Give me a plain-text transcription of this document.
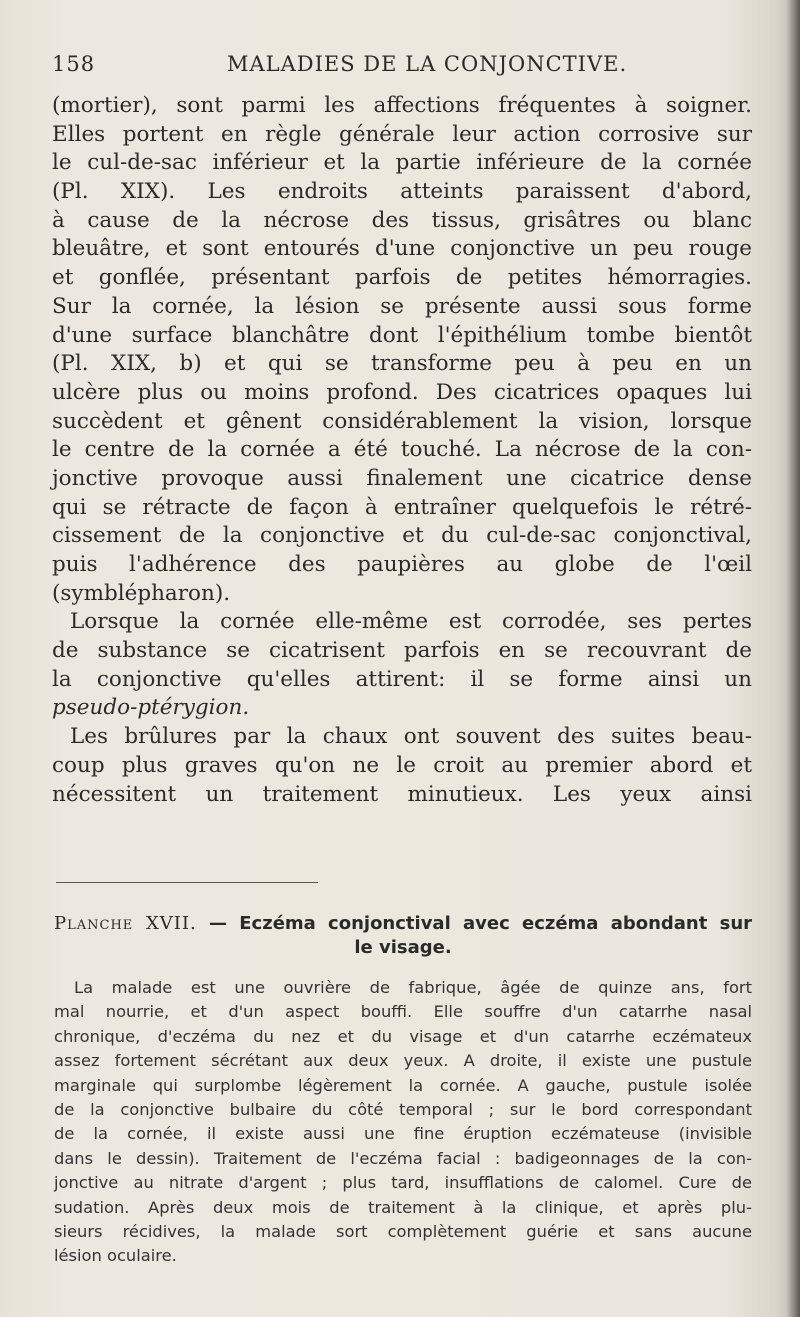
158	MALADIES DE LA CONJONCTIVE.
(mortier), sont parmi les affections fréquentes à soigner.
Elles portent en règle générale leur action corrosive sur
le cul-de-sac inférieur et la partie inférieure de la cornée
(Pl. XIX). Les endroits atteints paraissent d'abord,
à cause de la nécrose des tissus, grisâtres ou blanc
bleuâtre, et sont entourés d'une conjonctive un peu rouge
et gonflée, présentant parfois de petites hémorragies.
Sur la cornée, la lésion se présente aussi sous forme
d'une surface blanchâtre dont l'épithélium tombe bientôt
(Pl. XIX, b) et qui se transforme peu à peu en un
ulcère plus ou moins profond. Des cicatrices opaques lui
succèdent et gênent considérablement la vision, lorsque
le centre de la cornée a été touché. La nécrose de la con-
jonctive provoque aussi finalement une cicatrice dense
qui se rétracte de façon à entraîner quelquefois le rétré-
cissement de la conjonctive et du cul-de-sac conjonctival,
puis l'adhérence des paupières au globe de l'œil
(symblépharon).
Lorsque la cornée elle-même est corrodée, ses pertes
de substance se cicatrisent parfois en se recouvrant de
la conjonctive qu'elles attirent: il se forme ainsi un
pseudo-ptérygion.
Les brûlures par la chaux ont souvent des suites beau-
coup plus graves qu'on ne le croit au premier abord et
nécessitent un traitement minutieux. Les yeux ainsi
Planche XVII. — Eczéma conjonctival avec eczéma abondant sur
le visage.
La malade est une ouvrière de fabrique, âgée de quinze ans, fort
mal nourrie, et d'un aspect bouffi. Elle souffre d'un catarrhe nasal
chronique, d'eczéma du nez et du visage et d'un catarrhe eczémateux
assez fortement sécrétant aux deux yeux. A droite, il existe une pustule
marginale qui surplombe légèrement la cornée. A gauche, pustule isolée
de la conjonctive bulbaire du côté temporal ; sur le bord correspondant
de la cornée, il existe aussi une fine éruption eczémateuse (invisible
dans le dessin). Traitement de l'eczéma facial : badigeonnages de la con-
jonctive au nitrate d'argent ; plus tard, insufflations de calomel. Cure de
sudation. Après deux mois de traitement à la clinique, et après plu-
sieurs récidives, la malade sort complètement guérie et sans aucune
lésion oculaire.
